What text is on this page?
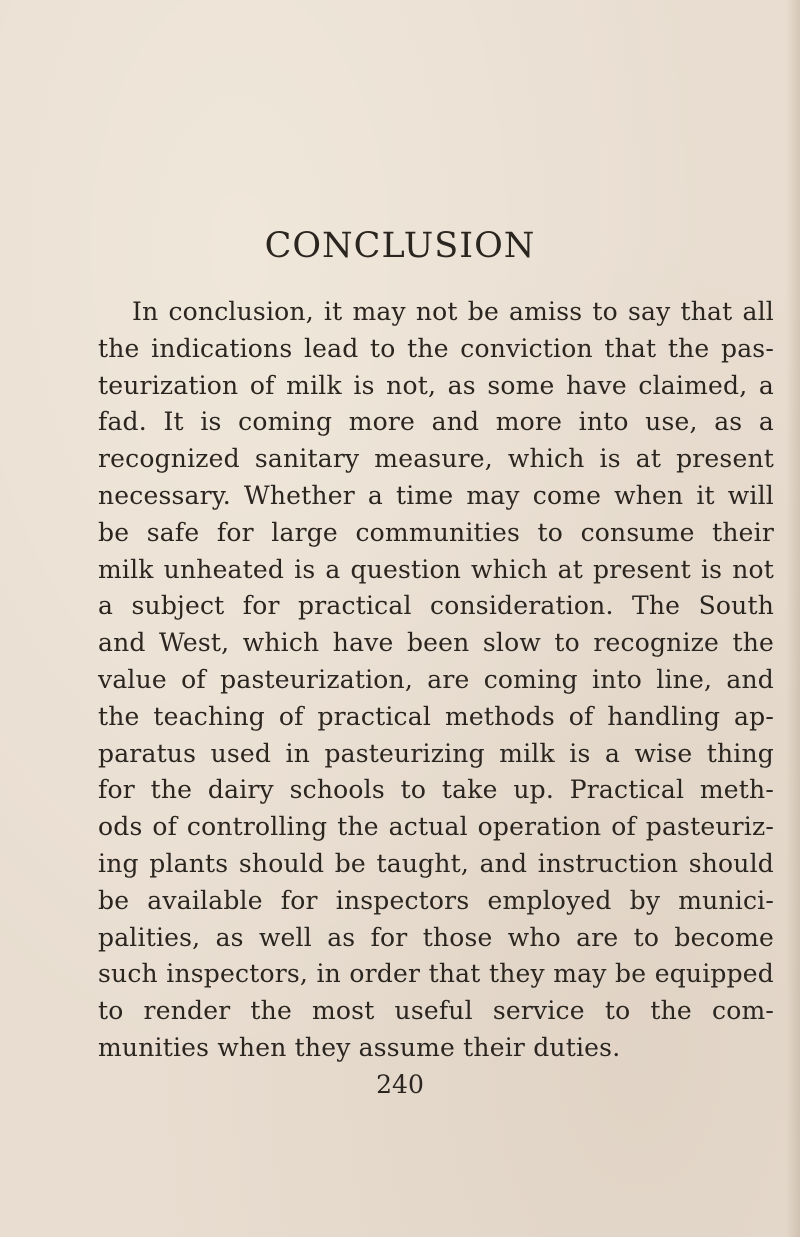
CONCLUSION
In conclusion, it may not be amiss to say that all
the indications lead to the conviction that the pas-
teurization of milk is not, as some have claimed, a
fad. It is coming more and more into use, as a
recognized sanitary measure, which is at present
necessary. Whether a time may come when it will
be safe for large communities to consume their
milk unheated is a question which at present is not
a subject for practical consideration. The South
and West, which have been slow to recognize the
value of pasteurization, are coming into line, and
the teaching of practical methods of handling ap-
paratus used in pasteurizing milk is a wise thing
for the dairy schools to take up. Practical meth-
ods of controlling the actual operation of pasteuriz-
ing plants should be taught, and instruction should
be available for inspectors employed by munici-
palities, as well as for those who are to become
such inspectors, in order that they may be equipped
to render the most useful service to the com-
munities when they assume their duties.
240
